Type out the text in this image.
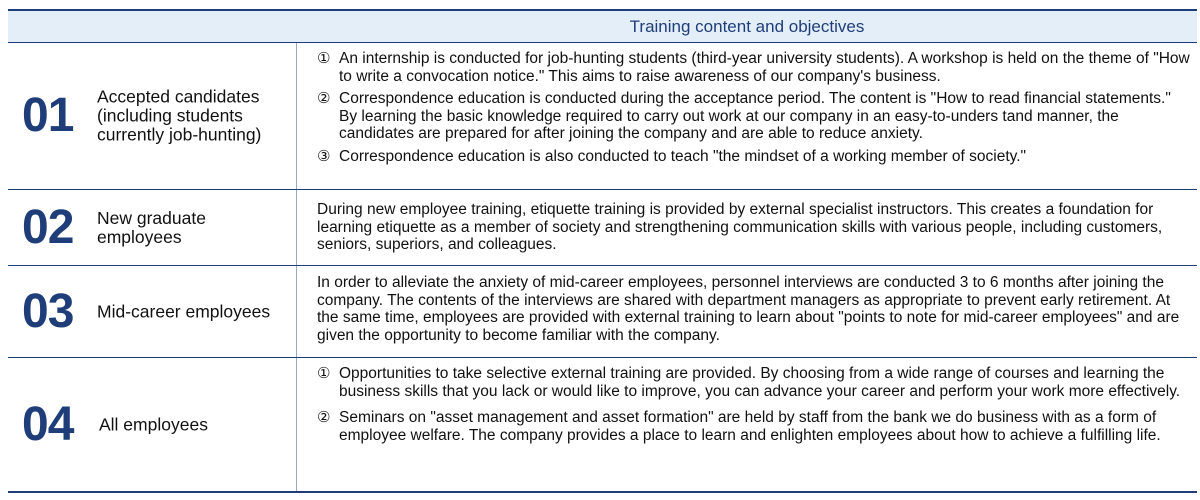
Training content and objectives
01 Accepted candidates
(including students
currently job-hunting)
① An internship is conducted for job-hunting students (third-year university students). A workshop is held on the theme of "How to write a convocation notice." This aims to raise awareness of our company's business.
② Correspondence education is conducted during the acceptance period. The content is "How to read financial statements." By learning the basic knowledge required to carry out work at our company in an easy-to-unders tand manner, the candidates are prepared for after joining the company and are able to reduce anxiety.
③ Correspondence education is also conducted to teach "the mindset of a working member of society."
02 New graduate
employees

During new employee training, etiquette training is provided by external specialist instructors. This creates a foundation for learning etiquette as a member of society and strengthening communication skills with various people, including customers, seniors, superiors, and colleagues.

03 Mid-career employees

In order to alleviate the anxiety of mid-career employees, personnel interviews are conducted 3 to 6 months after joining the company. The contents of the interviews are shared with department managers as appropriate to prevent early retirement. At the same time, employees are provided with external training to learn about "points to note for mid-career employees" and are given the opportunity to become familiar with the company.

04 All employees
① Opportunities to take selective external training are provided. By choosing from a wide range of courses and learning the business skills that you lack or would like to improve, you can advance your career and perform your work more effectively.
② Seminars on "asset management and asset formation" are held by staff from the bank we do business with as a form of employee welfare. The company provides a place to learn and enlighten employees about how to achieve a fulfilling life.
